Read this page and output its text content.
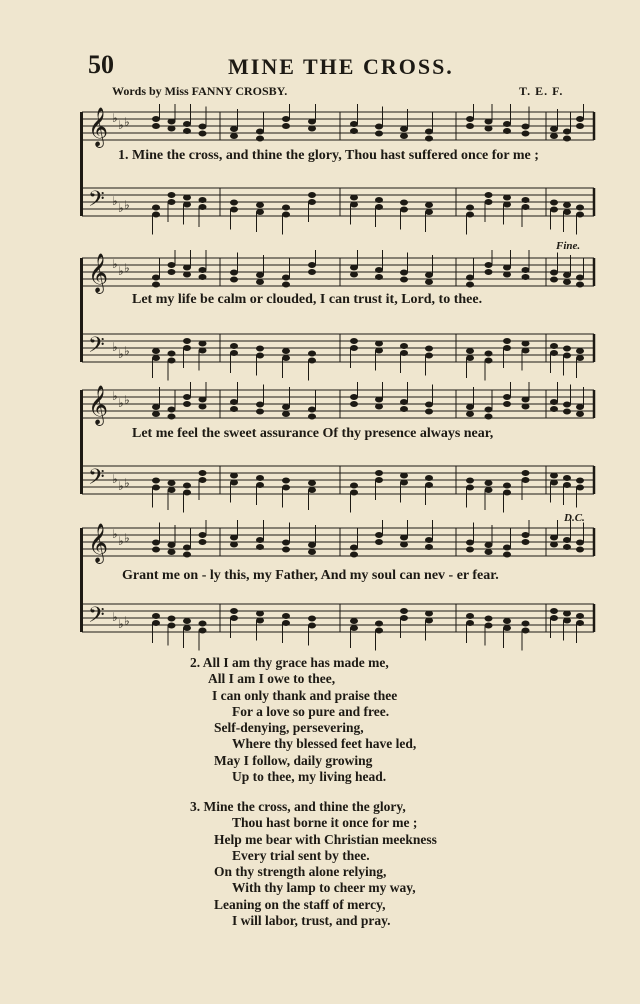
50	MINE THE CROSS.
Words by Miss FANNY CROSBY.	T. E. F.
𝄞 ♭ ♭ ♭
𝄢 ♭ ♭ ♭
1. Mine the cross, and thine the glory, Thou hast suffered once for me ;
𝄞 ♭ ♭ ♭
𝄢 ♭ ♭ ♭
Fine.
Let my life be calm or clouded, I can trust it, Lord, to thee.
𝄞 ♭ ♭ ♭
𝄢 ♭ ♭ ♭
Let me feel the sweet assurance Of thy presence always near,
𝄞 ♭ ♭ ♭
𝄢 ♭ ♭ ♭
D.C.
Grant me on - ly this, my Father, And my soul can nev - er fear.
2. All I am thy grace has made me,
All I am I owe to thee,
I can only thank and praise thee
For a love so pure and free.
Self-denying, persevering,
Where thy blessed feet have led,
May I follow, daily growing
Up to thee, my living head.
3. Mine the cross, and thine the glory,
Thou hast borne it once for me ;
Help me bear with Christian meekness
Every trial sent by thee.
On thy strength alone relying,
With thy lamp to cheer my way,
Leaning on the staff of mercy,
I will labor, trust, and pray.
